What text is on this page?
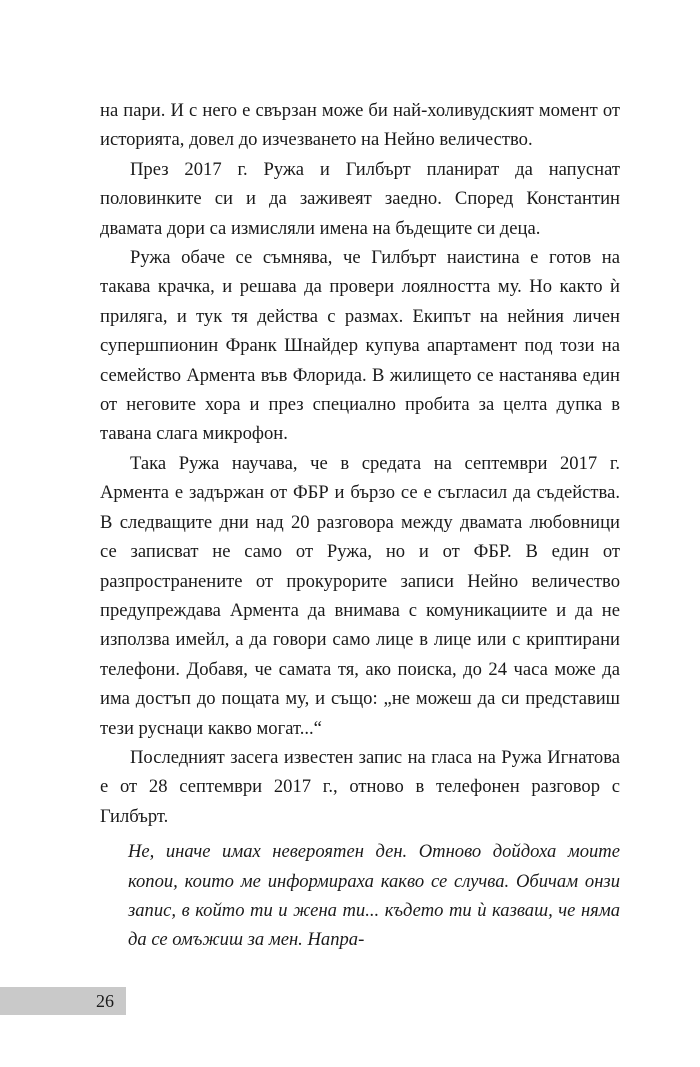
на пари. И с него е свързан може би най-холивудският момент от историята, довел до изчезването на Нейно величество.

През 2017 г. Ружа и Гилбърт планират да напуснат половинките си и да заживеят заедно. Според Константин двамата дори са измисляли имена на бъдещите си деца.

Ружа обаче се съмнява, че Гилбърт наистина е готов на такава крачка, и решава да провери лоялността му. Но както ѝ приляга, и тук тя действа с размах. Екипът на нейния личен супершпионин Франк Шнайдер купува апартамент под този на семейство Армента във Флорида. В жилището се настанява един от неговите хора и през специално пробита за целта дупка в тавана слага микрофон.

Така Ружа научава, че в средата на септември 2017 г. Армента е задържан от ФБР и бързо се е съгласил да съдейства. В следващите дни над 20 разговора между двамата любовници се записват не само от Ружа, но и от ФБР. В един от разпространените от прокурорите записи Нейно величество предупреждава Армента да внимава с комуникациите и да не използва имейл, а да говори само лице в лице или с криптирани телефони. Добавя, че самата тя, ако поиска, до 24 часа може да има достъп до пощата му, и също: „не можеш да си представиш тези руснаци какво могат...“

Последният засега известен запис на гласа на Ружа Игнатова е от 28 септември 2017 г., отново в телефонен разговор с Гилбърт.

Не, иначе имах невероятен ден. Отново дойдоха моите копои, които ме информираха какво се случва. Обичам онзи запис, в който ти и жена ти... където ти ѝ казваш, че няма да се омъжиш за мен. Напра-

26
